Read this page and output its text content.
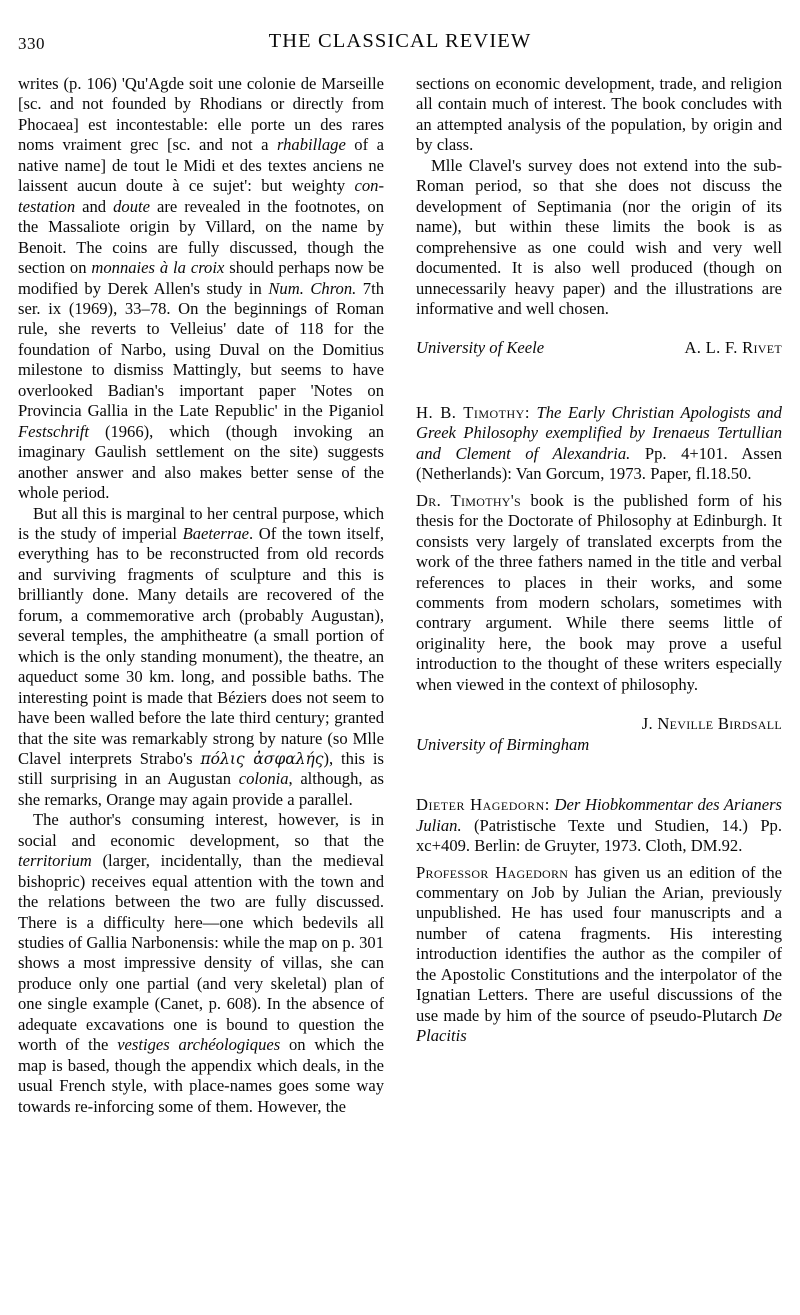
330	THE CLASSICAL REVIEW

writes (p. 106) 'Qu'Agde soit une colonie de Marseille [sc. and not founded by Rhodians or directly from Phocaea] est incontestable: elle porte un des rares noms vraiment grec [sc. and not a rhabillage of a native name] de tout le Midi et des textes anciens ne laissent aucun doute à ce sujet': but weighty con-testation and doute are revealed in the footnotes, on the Massaliote origin by Villard, on the name by Benoit. The coins are fully discussed, though the section on monnaies à la croix should perhaps now be modified by Derek Allen's study in Num. Chron. 7th ser. ix (1969), 33–78. On the beginnings of Roman rule, she reverts to Velleius' date of 118 for the foundation of Narbo, using Duval on the Domitius milestone to dismiss Mattingly, but seems to have overlooked Badian's important paper 'Notes on Provincia Gallia in the Late Republic' in the Piganiol Festschrift (1966), which (though invoking an imaginary Gaulish settlement on the site) suggests another answer and also makes better sense of the whole period.

But all this is marginal to her central purpose, which is the study of imperial Baeterrae. Of the town itself, everything has to be reconstructed from old records and surviving fragments of sculpture and this is brilliantly done. Many details are recovered of the forum, a commemorative arch (probably Augustan), several temples, the amphitheatre (a small portion of which is the only standing monument), the theatre, an aqueduct some 30 km. long, and possible baths. The interesting point is made that Béziers does not seem to have been walled before the late third century; granted that the site was remarkably strong by nature (so Mlle Clavel interprets Strabo's πόλις ἀσφαλής), this is still surprising in an Augustan colonia, although, as she remarks, Orange may again provide a parallel.

The author's consuming interest, however, is in social and economic development, so that the territorium (larger, incidentally, than the medieval bishopric) receives equal attention with the town and the relations between the two are fully discussed. There is a difficulty here—one which bedevils all studies of Gallia Narbonensis: while the map on p. 301 shows a most impressive density of villas, she can produce only one partial (and very skeletal) plan of one single example (Canet, p. 608). In the absence of adequate excavations one is bound to question the worth of the vestiges archéologiques on which the map is based, though the appendix which deals, in the usual French style, with place-names goes some way towards re-inforcing some of them. However, the

sections on economic development, trade, and religion all contain much of interest. The book concludes with an attempted analysis of the population, by origin and by class.

Mlle Clavel's survey does not extend into the sub-Roman period, so that she does not discuss the development of Septimania (nor the origin of its name), but within these limits the book is as comprehensive as one could wish and very well documented. It is also well produced (though on unnecessarily heavy paper) and the illustrations are informative and well chosen.

University of Keele	A. L. F. Rivet

H. B. Timothy: The Early Christian Apologists and Greek Philosophy exemplified by Irenaeus Tertullian and Clement of Alexandria. Pp. 4+101. Assen (Netherlands): Van Gorcum, 1973. Paper, fl.18.50.

Dr. Timothy's book is the published form of his thesis for the Doctorate of Philosophy at Edinburgh. It consists very largely of translated excerpts from the work of the three fathers named in the title and verbal references to places in their works, and some comments from modern scholars, sometimes with contrary argument. While there seems little of originality here, the book may prove a useful introduction to the thought of these writers especially when viewed in the context of philosophy.

J. Neville Birdsall
University of Birmingham

Dieter Hagedorn: Der Hiobkommentar des Arianers Julian. (Patristische Texte und Studien, 14.) Pp. xc+409. Berlin: de Gruyter, 1973. Cloth, DM.92.

Professor Hagedorn has given us an edition of the commentary on Job by Julian the Arian, previously unpublished. He has used four manuscripts and a number of catena fragments. His interesting introduction identifies the author as the compiler of the Apostolic Constitutions and the interpolator of the Ignatian Letters. There are useful discussions of the use made by him of the source of pseudo-Plutarch De Placitis
